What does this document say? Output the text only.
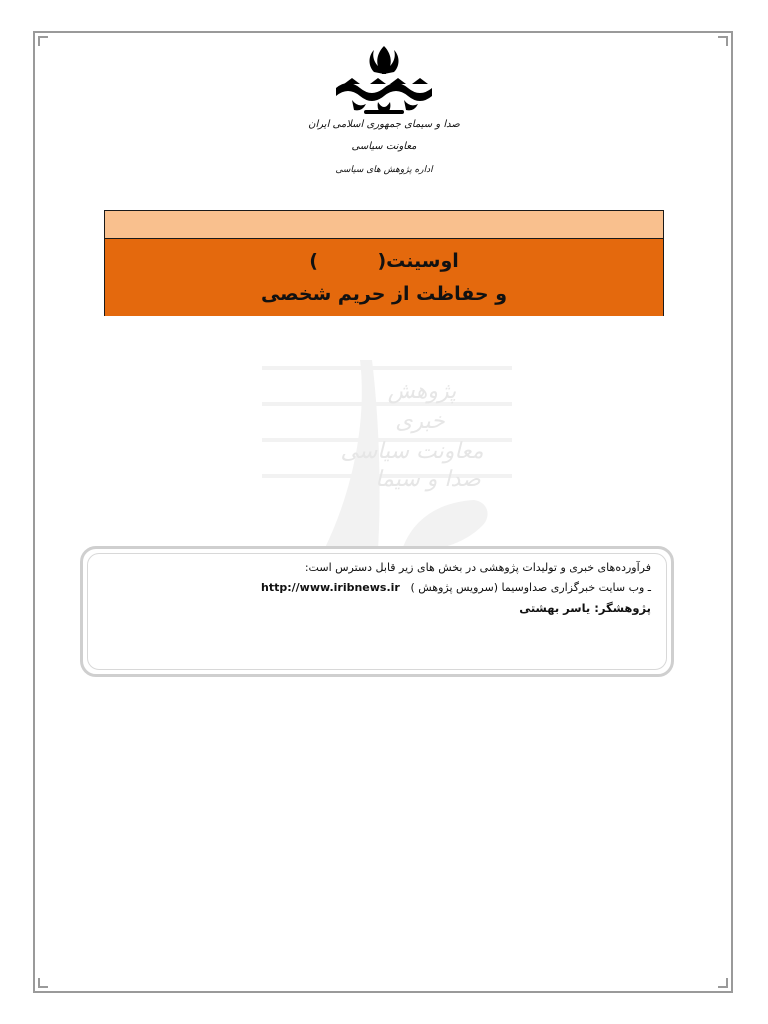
صدا و سیمای جمهوری اسلامی ایران
معاونت سیاسی
اداره پژوهش های سیاسی
اوسینت(         )
و حفاظت از حریم شخصی
پژوهش
خبری
معاونت سیاسی
صدا و سیما
فرآورده‌های خبری و تولیدات پژوهشی در بخش های زیر قابل دسترس است:
ـ وب سایت خبرگزاری صداوسیما (سرویس پژوهش )
http://www.iribnews.ir
پژوهشگر: یاسر بهشتی
